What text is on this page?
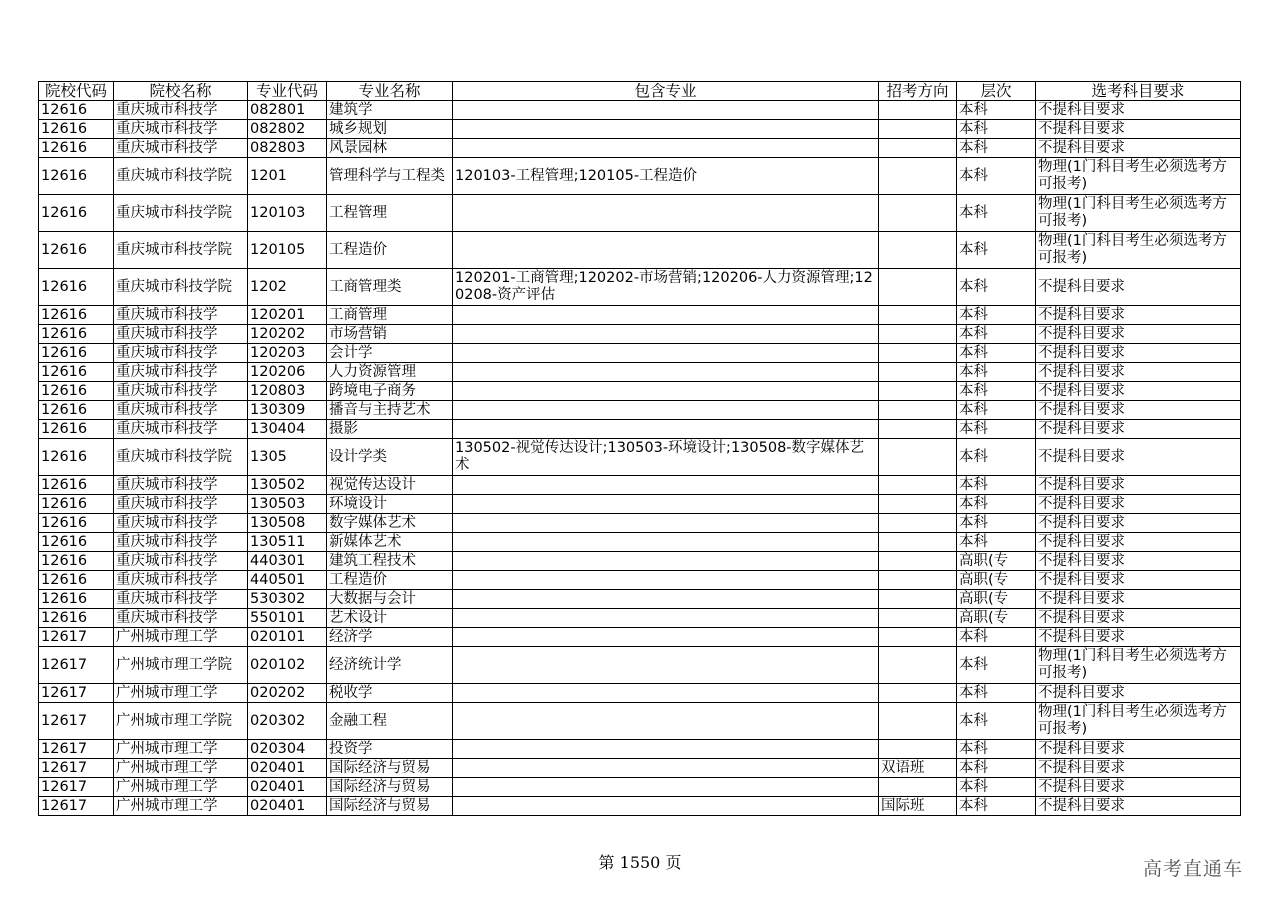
院校代码	院校名称	专业代码	专业名称	包含专业	招考方向	层次	选考科目要求
12616	重庆城市科技学	082801	建筑学			本科	不提科目要求
12616	重庆城市科技学	082802	城乡规划			本科	不提科目要求
12616	重庆城市科技学	082803	风景园林			本科	不提科目要求
12616	重庆城市科技学院	1201	管理科学与工程类	120103-工程管理;120105-工程造价		本科	物理(1门科目考生必须选考方可报考)
12616	重庆城市科技学院	120103	工程管理			本科	物理(1门科目考生必须选考方可报考)
12616	重庆城市科技学院	120105	工程造价			本科	物理(1门科目考生必须选考方可报考)
12616	重庆城市科技学院	1202	工商管理类	120201-工商管理;120202-市场营销;120206-人力资源管理;120208-资产评估		本科	不提科目要求
12616	重庆城市科技学	120201	工商管理			本科	不提科目要求
12616	重庆城市科技学	120202	市场营销			本科	不提科目要求
12616	重庆城市科技学	120203	会计学			本科	不提科目要求
12616	重庆城市科技学	120206	人力资源管理			本科	不提科目要求
12616	重庆城市科技学	120803	跨境电子商务			本科	不提科目要求
12616	重庆城市科技学	130309	播音与主持艺术			本科	不提科目要求
12616	重庆城市科技学	130404	摄影			本科	不提科目要求
12616	重庆城市科技学院	1305	设计学类	130502-视觉传达设计;130503-环境设计;130508-数字媒体艺术		本科	不提科目要求
12616	重庆城市科技学	130502	视觉传达设计			本科	不提科目要求
12616	重庆城市科技学	130503	环境设计			本科	不提科目要求
12616	重庆城市科技学	130508	数字媒体艺术			本科	不提科目要求
12616	重庆城市科技学	130511	新媒体艺术			本科	不提科目要求
12616	重庆城市科技学	440301	建筑工程技术			高职(专	不提科目要求
12616	重庆城市科技学	440501	工程造价			高职(专	不提科目要求
12616	重庆城市科技学	530302	大数据与会计			高职(专	不提科目要求
12616	重庆城市科技学	550101	艺术设计			高职(专	不提科目要求
12617	广州城市理工学	020101	经济学			本科	不提科目要求
12617	广州城市理工学院	020102	经济统计学			本科	物理(1门科目考生必须选考方可报考)
12617	广州城市理工学	020202	税收学			本科	不提科目要求
12617	广州城市理工学院	020302	金融工程			本科	物理(1门科目考生必须选考方可报考)
12617	广州城市理工学	020304	投资学			本科	不提科目要求
12617	广州城市理工学	020401	国际经济与贸易		双语班	本科	不提科目要求
12617	广州城市理工学	020401	国际经济与贸易			本科	不提科目要求
12617	广州城市理工学	020401	国际经济与贸易		国际班	本科	不提科目要求
第 1550 页	高考直通车
